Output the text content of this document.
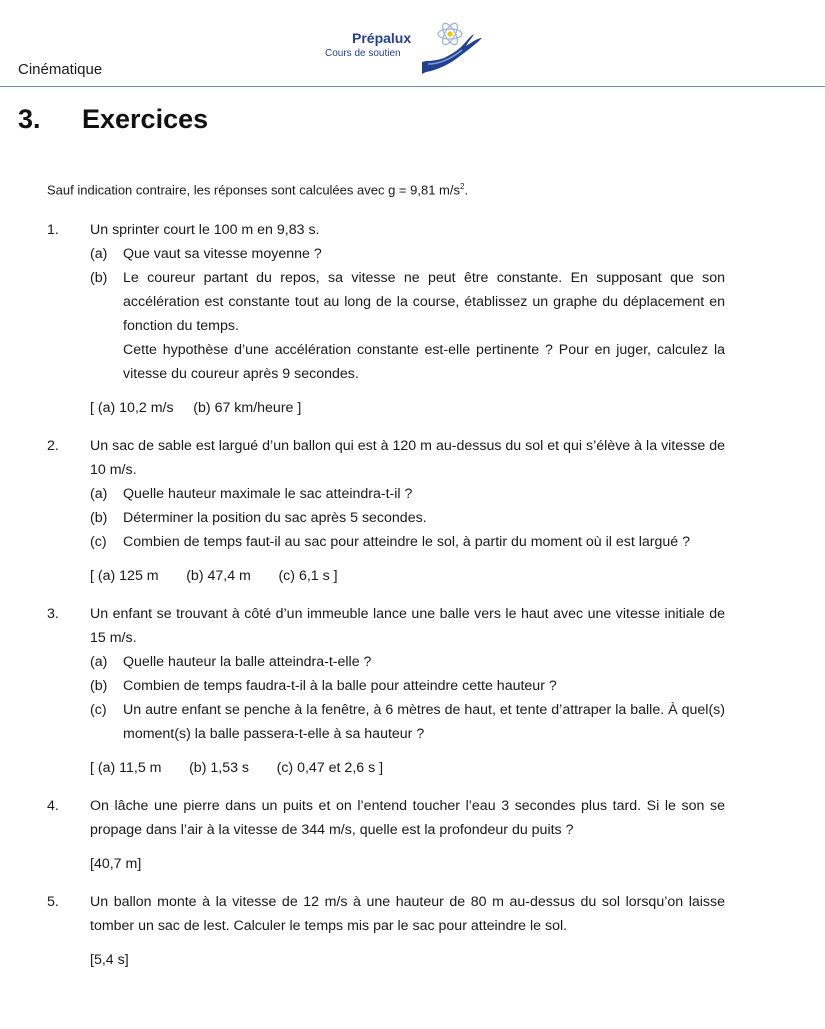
Cinématique
Prépalux
Cours de soutien
3. Exercices
Sauf indication contraire, les réponses sont calculées avec g = 9,81 $m/s^2$.
1. Un sprinter court le 100 m en 9,83 s.
(a) Que vaut sa vitesse moyenne ?
(b) Le coureur partant du repos, sa vitesse ne peut être constante. En supposant que son accélération est constante tout au long de la course, établissez un graphe du déplacement en fonction du temps.
Cette hypothèse d’une accélération constante est-elle pertinente ? Pour en juger, calculez la vitesse du coureur après 9 secondes.
[ (a) 10,2 m/s (b) 67 km/heure ]
2. Un sac de sable est largué d’un ballon qui est à 120 m au-dessus du sol et qui s’élève à la vitesse de 10 m/s.
(a) Quelle hauteur maximale le sac atteindra-t-il ?
(b) Déterminer la position du sac après 5 secondes.
(c) Combien de temps faut-il au sac pour atteindre le sol, à partir du moment où il est largué ?
[ (a) 125 m (b) 47,4 m (c) 6,1 s ]
3. Un enfant se trouvant à côté d’un immeuble lance une balle vers le haut avec une vitesse initiale de 15 m/s.
(a) Quelle hauteur la balle atteindra-t-elle ?
(b) Combien de temps faudra-t-il à la balle pour atteindre cette hauteur ?
(c) Un autre enfant se penche à la fenêtre, à 6 mètres de haut, et tente d’attraper la balle. À quel(s) moment(s) la balle passera-t-elle à sa hauteur ?
[ (a) 11,5 m (b) 1,53 s (c) 0,47 et 2,6 s ]
4. On lâche une pierre dans un puits et on l’entend toucher l’eau 3 secondes plus tard. Si le son se propage dans l’air à la vitesse de 344 m/s, quelle est la profondeur du puits ?
[40,7 m]
5. Un ballon monte à la vitesse de 12 m/s à une hauteur de 80 m au-dessus du sol lorsqu’on laisse tomber un sac de lest. Calculer le temps mis par le sac pour atteindre le sol.
[5,4 s]
